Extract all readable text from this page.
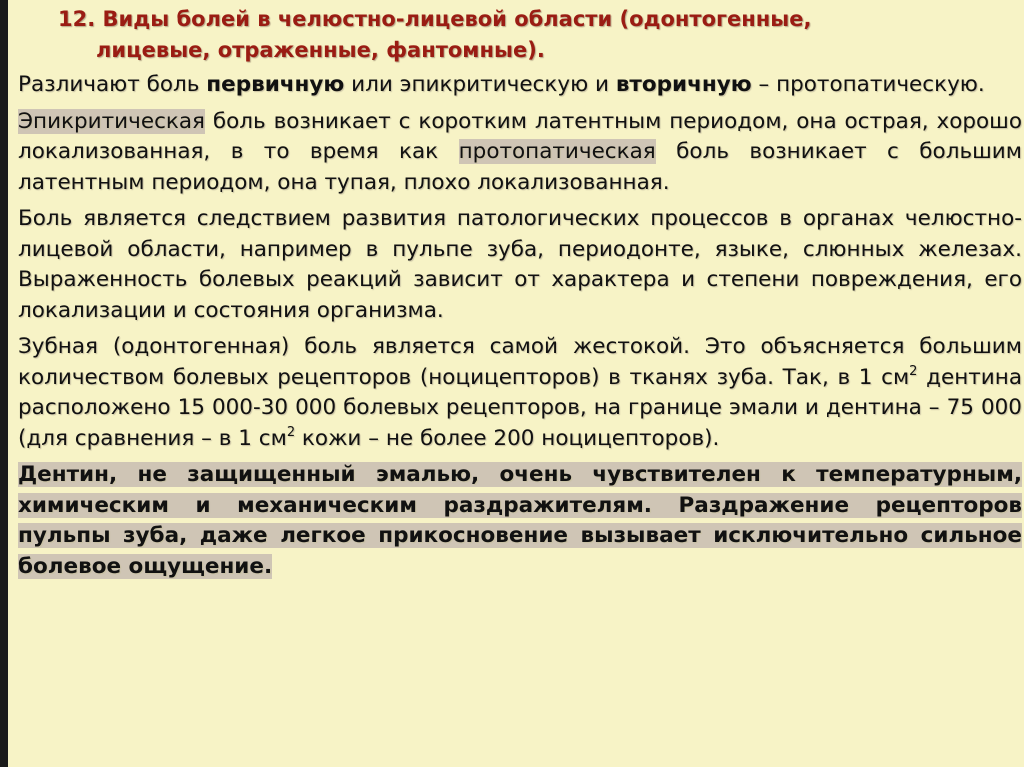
12. Виды болей в челюстно-лицевой области (одонтогенные,
лицевые, отраженные, фантомные).

Различают боль первичную или эпикритическую и вторичную – протопатическую.

Эпикритическая боль возникает с коротким латентным периодом, она острая, хорошо локализованная, в то время как протопатическая боль возникает с большим латентным периодом, она тупая, плохо локализованная.

Боль является следствием развития патологических процессов в органах челюстно-лицевой области, например в пульпе зуба, периодонте, языке, слюнных железах. Выраженность болевых реакций зависит от характера и степени повреждения, его локализации и состояния организма.

Зубная (одонтогенная) боль является самой жестокой. Это объясняется большим количеством болевых рецепторов (ноцицепторов) в тканях зуба. Так, в 1 $см^2$ дентина расположено 15 000-30 000 болевых рецепторов, на границе эмали и дентина – 75 000 (для сравнения – в 1 $см^2$ кожи – не более 200 ноцицепторов).

Дентин, не защищенный эмалью, очень чувствителен к температурным, химическим и механическим раздражителям. Раздражение рецепторов пульпы зуба, даже легкое прикосновение вызывает исключительно сильное болевое ощущение.
